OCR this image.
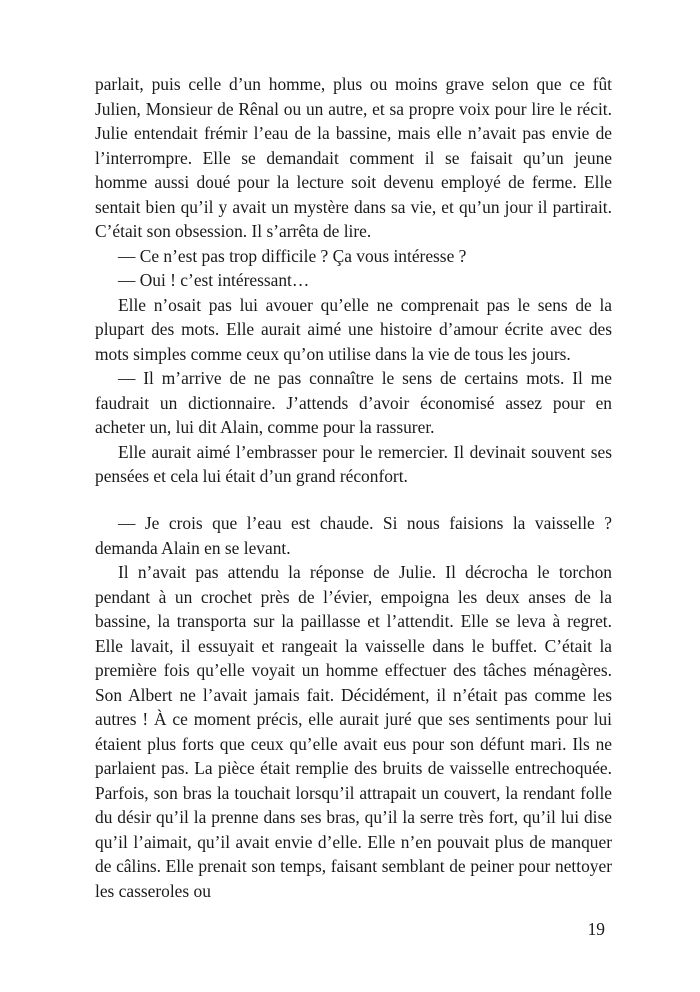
parlait, puis celle d’un homme, plus ou moins grave selon que ce fût Julien, Monsieur de Rênal ou un autre, et sa propre voix pour lire le récit. Julie entendait frémir l’eau de la bassine, mais elle n’avait pas envie de l’interrompre. Elle se demandait comment il se faisait qu’un jeune homme aussi doué pour la lecture soit devenu employé de ferme. Elle sentait bien qu’il y avait un mystère dans sa vie, et qu’un jour il partirait. C’était son obsession. Il s’arrêta de lire.

— Ce n’est pas trop difficile ? Ça vous intéresse ?

— Oui ! c’est intéressant…

Elle n’osait pas lui avouer qu’elle ne comprenait pas le sens de la plupart des mots. Elle aurait aimé une histoire d’amour écrite avec des mots simples comme ceux qu’on utilise dans la vie de tous les jours.

— Il m’arrive de ne pas connaître le sens de certains mots. Il me faudrait un dictionnaire. J’attends d’avoir économisé assez pour en acheter un, lui dit Alain, comme pour la rassurer.

Elle aurait aimé l’embrasser pour le remercier. Il devinait souvent ses pensées et cela lui était d’un grand réconfort.

— Je crois que l’eau est chaude. Si nous faisions la vaisselle ? demanda Alain en se levant.

Il n’avait pas attendu la réponse de Julie. Il décrocha le torchon pendant à un crochet près de l’évier, empoigna les deux anses de la bassine, la transporta sur la paillasse et l’attendit. Elle se leva à regret. Elle lavait, il essuyait et rangeait la vaisselle dans le buffet. C’était la première fois qu’elle voyait un homme effectuer des tâches ménagères. Son Albert ne l’avait jamais fait. Décidément, il n’était pas comme les autres ! À ce moment précis, elle aurait juré que ses sentiments pour lui étaient plus forts que ceux qu’elle avait eus pour son défunt mari. Ils ne parlaient pas. La pièce était remplie des bruits de vaisselle entrechoquée. Parfois, son bras la touchait lorsqu’il attrapait un couvert, la rendant folle du désir qu’il la prenne dans ses bras, qu’il la serre très fort, qu’il lui dise qu’il l’aimait, qu’il avait envie d’elle. Elle n’en pouvait plus de manquer de câlins. Elle prenait son temps, faisant semblant de peiner pour nettoyer les casseroles ou

19
